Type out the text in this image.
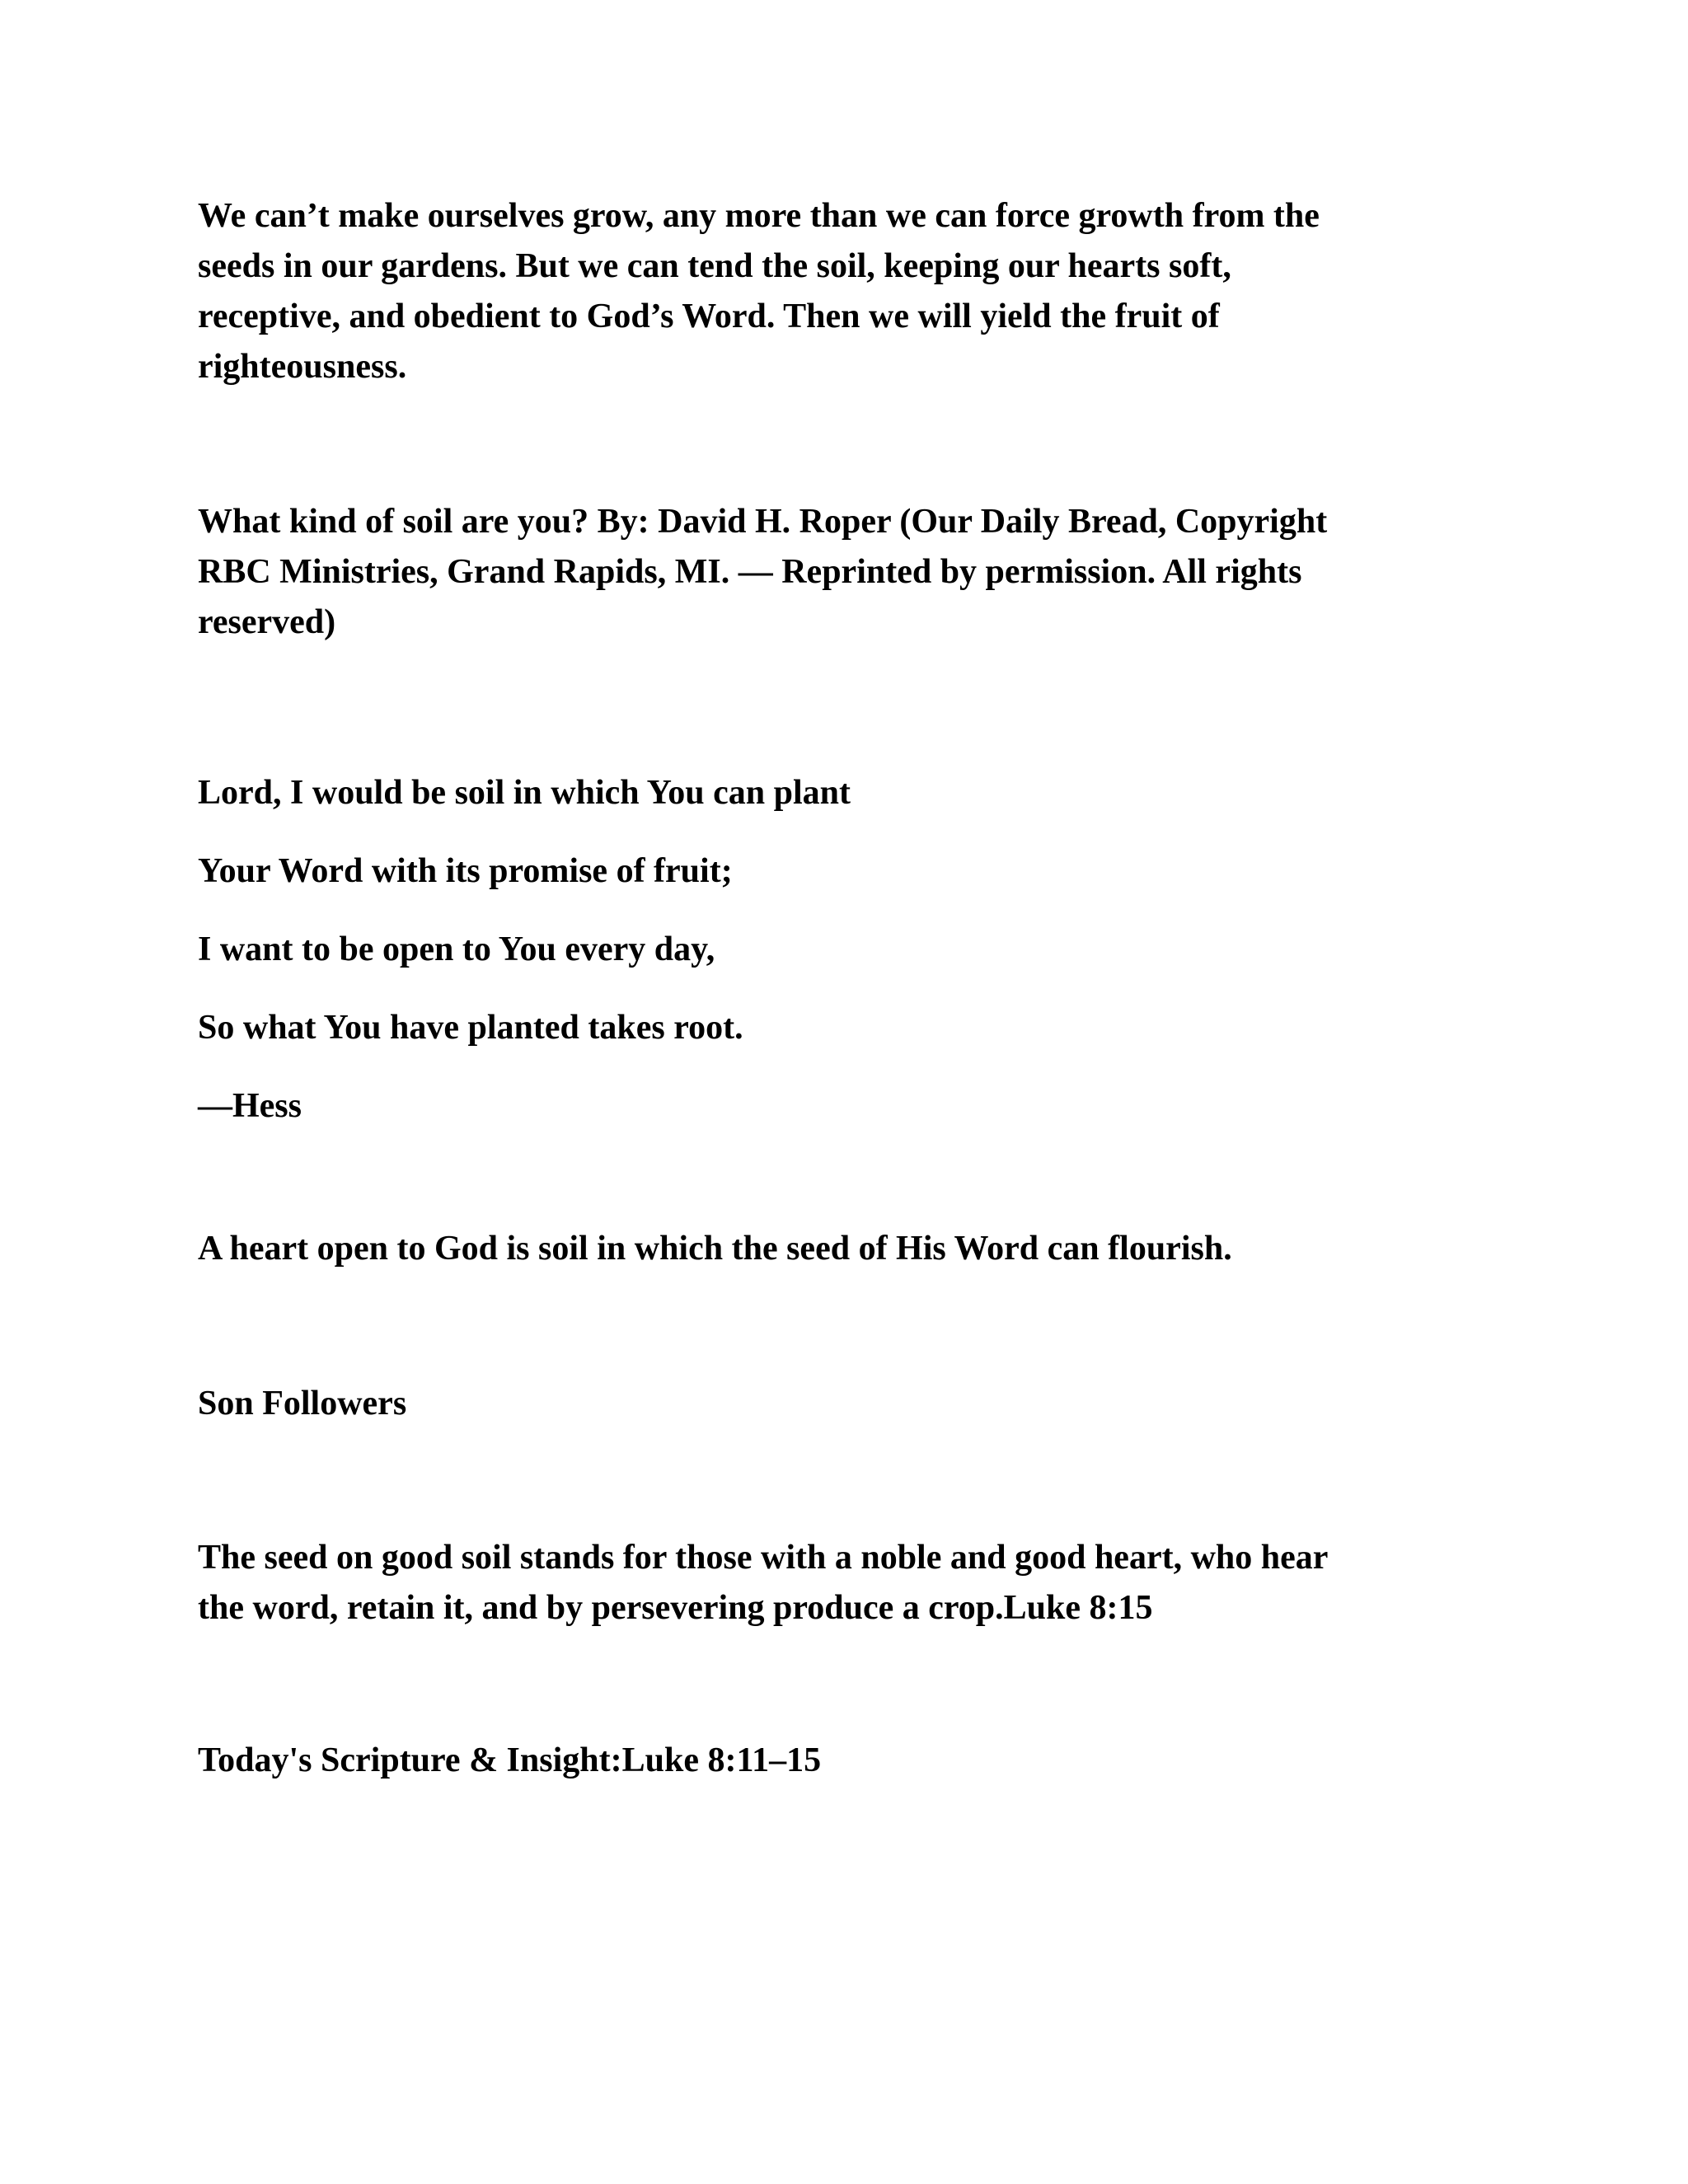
We can’t make ourselves grow, any more than we can force growth from the
seeds in our gardens. But we can tend the soil, keeping our hearts soft,
receptive, and obedient to God’s Word. Then we will yield the fruit of
righteousness.
What kind of soil are you? By: David H. Roper (Our Daily Bread, Copyright
RBC Ministries, Grand Rapids, MI. — Reprinted by permission. All rights
reserved)
Lord, I would be soil in which You can plant
Your Word with its promise of fruit;
I want to be open to You every day,
So what You have planted takes root.
—Hess
A heart open to God is soil in which the seed of His Word can flourish.
Son Followers
The seed on good soil stands for those with a noble and good heart, who hear
the word, retain it, and by persevering produce a crop.Luke 8:15
Today's Scripture & Insight:Luke 8:11–15
